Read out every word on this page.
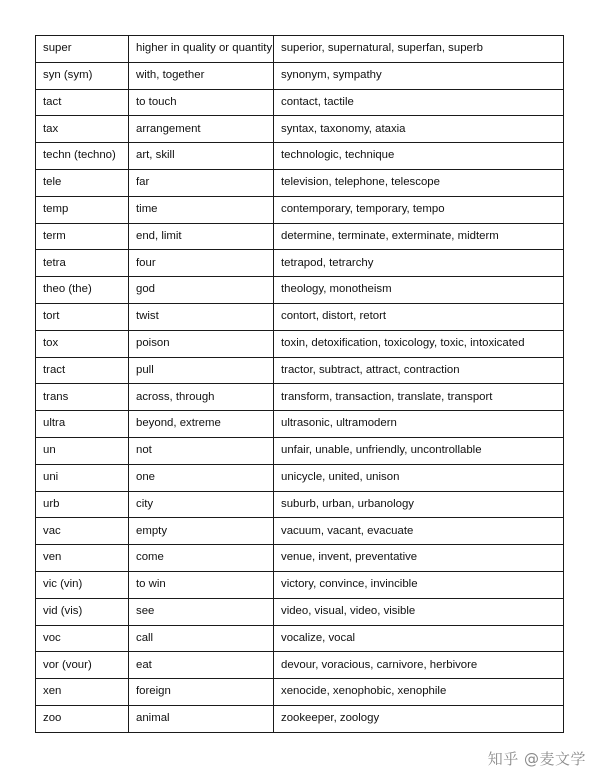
super	higher in quality or quantity	superior, supernatural, superfan, superb
syn (sym)	with, together	synonym, sympathy
tact	to touch	contact, tactile
tax	arrangement	syntax, taxonomy, ataxia
techn (techno)	art, skill	technologic, technique
tele	far	television, telephone, telescope
temp	time	contemporary, temporary, tempo
term	end, limit	determine, terminate, exterminate, midterm
tetra	four	tetrapod, tetrarchy
theo (the)	god	theology, monotheism
tort	twist	contort, distort, retort
tox	poison	toxin, detoxification, toxicology, toxic, intoxicated
tract	pull	tractor, subtract, attract, contraction
trans	across, through	transform, transaction, translate, transport
ultra	beyond, extreme	ultrasonic, ultramodern
un	not	unfair, unable, unfriendly, uncontrollable
uni	one	unicycle, united, unison
urb	city	suburb, urban, urbanology
vac	empty	vacuum, vacant, evacuate
ven	come	venue, invent, preventative
vic (vin)	to win	victory, convince, invincible
vid (vis)	see	video, visual, video, visible
voc	call	vocalize, vocal
vor (vour)	eat	devour, voracious, carnivore, herbivore
xen	foreign	xenocide, xenophobic, xenophile
zoo	animal	zookeeper, zoology
知乎 @麦文学
